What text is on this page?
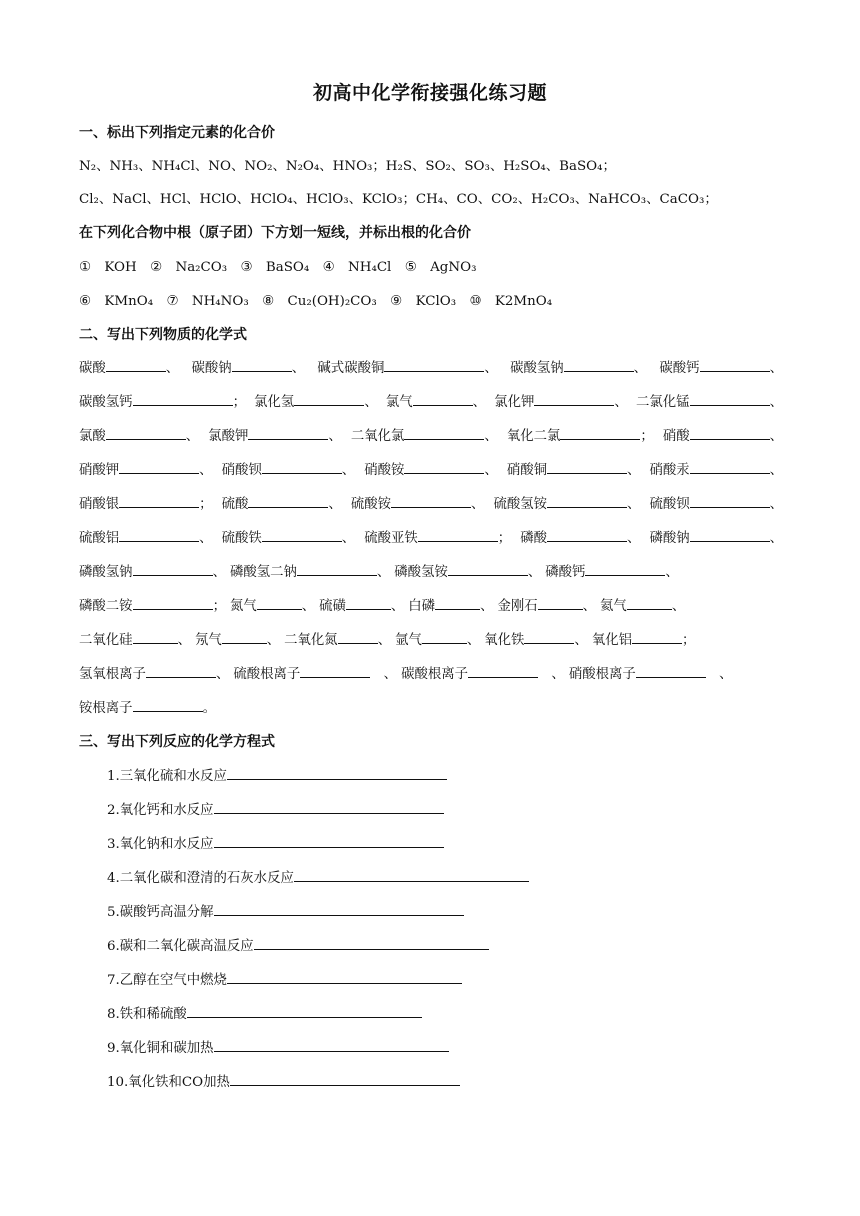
初高中化学衔接强化练习题
一、标出下列指定元素的化合价
N₂、NH₃、NH₄Cl、NO、NO₂、N₂O₄、HNO₃；H₂S、SO₂、SO₃、H₂SO₄、BaSO₄；
Cl₂、NaCl、HCl、HClO、HClO₄、HClO₃、KClO₃；CH₄、CO、CO₂、H₂CO₃、NaHCO₃、CaCO₃；
在下列化合物中根（原子团）下方划一短线，并标出根的化合价
①　KOH　②　Na₂CO₃　③　BaSO₄　④　NH₄Cl　⑤　AgNO₃
⑥　KMnO₄　⑦　NH₄NO₃　⑧　Cu₂(OH)₂CO₃　⑨　KClO₃　⑩　K2MnO₄
二、写出下列物质的化学式
碳酸	、 碳酸钠	、 碱式碳酸铜	、 碳酸氢钠	、 碳酸钙	、
碳酸氢钙	； 氯化氢	、 氯气	、 氯化钾	、 二氯化锰	、
氯酸	、 氯酸钾	、 二氧化氯	、 氧化二氯	； 硝酸	、
硝酸钾	、 硝酸钡	、 硝酸铵	、 硝酸铜	、 硝酸汞	、
硝酸银	； 硫酸	、 硫酸铵	、 硫酸氢铵	、 硫酸钡	、
硫酸铝	、 硫酸铁	、 硫酸亚铁	； 磷酸	、 磷酸钠	、
磷酸氢钠	、 磷酸氢二钠	、 磷酸氢铵	、 磷酸钙	、
磷酸二铵	； 氮气	、 硫磺	、 白磷	、 金刚石	、 氦气	、
二氧化硅	、 氖气	、 二氧化氮	、 氩气	、 氧化铁	、 氧化铝	；
氢氧根离子	、 硫酸根离子	　、 碳酸根离子	　、 硝酸根离子	　、
铵根离子	。
三、写出下列反应的化学方程式
1.三氧化硫和水反应
2.氧化钙和水反应
3.氧化钠和水反应
4.二氧化碳和澄清的石灰水反应
5.碳酸钙高温分解
6.碳和二氧化碳高温反应
7.乙醇在空气中燃烧
8.铁和稀硫酸
9.氧化铜和碳加热
10.氧化铁和CO加热
